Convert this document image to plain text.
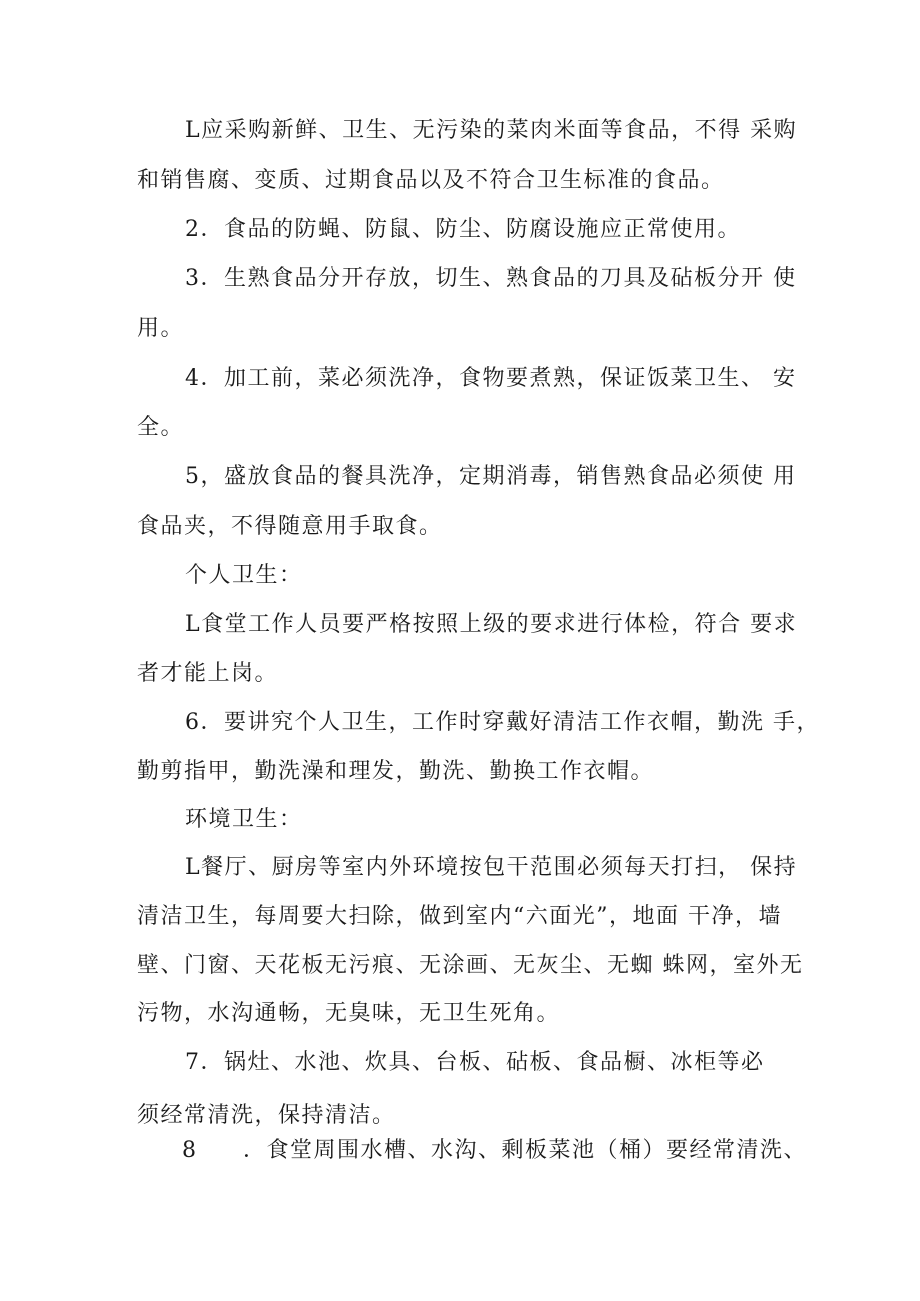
L应采购新鲜、卫生、无污染的菜肉米面等食品，不得 采购
和销售腐、变质、过期食品以及不符合卫生标准的食品。
2．食品的防蝇、防鼠、防尘、防腐设施应正常使用。
3．生熟食品分开存放，切生、熟食品的刀具及砧板分开 使
用。
4．加工前，菜必须洗净，食物要煮熟，保证饭菜卫生、 安
全。
5，盛放食品的餐具洗净，定期消毒，销售熟食品必须使 用
食品夹，不得随意用手取食。
个人卫生：
L食堂工作人员要严格按照上级的要求进行体检，符合 要求
者才能上岗。
6．要讲究个人卫生，工作时穿戴好清洁工作衣帽，勤洗 手，
勤剪指甲，勤洗澡和理发，勤洗、勤换工作衣帽。
环境卫生：
L餐厅、厨房等室内外环境按包干范围必须每天打扫， 保持
清洁卫生，每周要大扫除，做到室内“六面光”，地面 干净，墙
壁、门窗、天花板无污痕、无涂画、无灰尘、无蜘 蛛网，室外无
污物，水沟通畅，无臭味，无卫生死角。
7．锅灶、水池、炊具、台板、砧板、食品橱、冰柜等必
须经常清洗，保持清洁。
8 ．食堂周围水槽、水沟、剩板菜池（桶）要经常清洗、
